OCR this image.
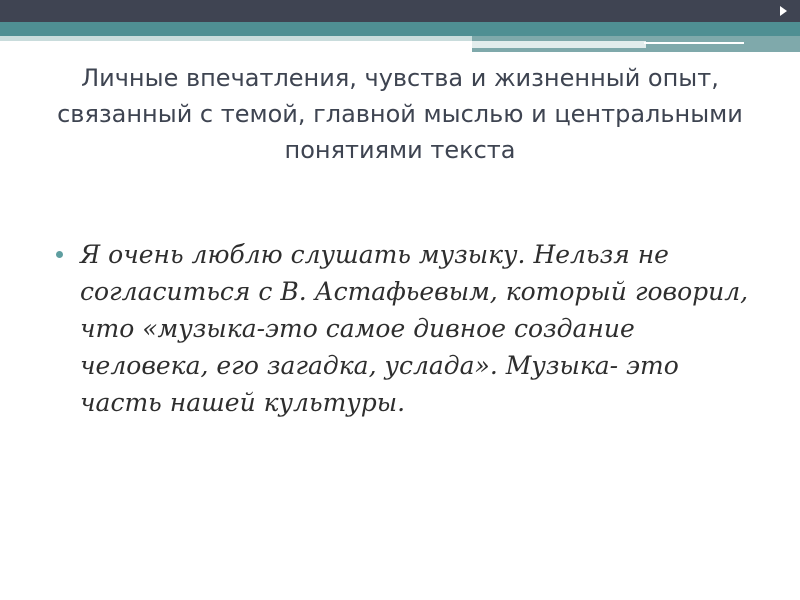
Личные впечатления, чувства и жизненный опыт, связанный с темой, главной мыслью и центральными понятиями текста
Я очень люблю слушать музыку. Нельзя не согласиться с В. Астафьевым, который говорил, что «музыка-это самое дивное создание человека, его загадка, услада». Музыка- это часть нашей культуры.
